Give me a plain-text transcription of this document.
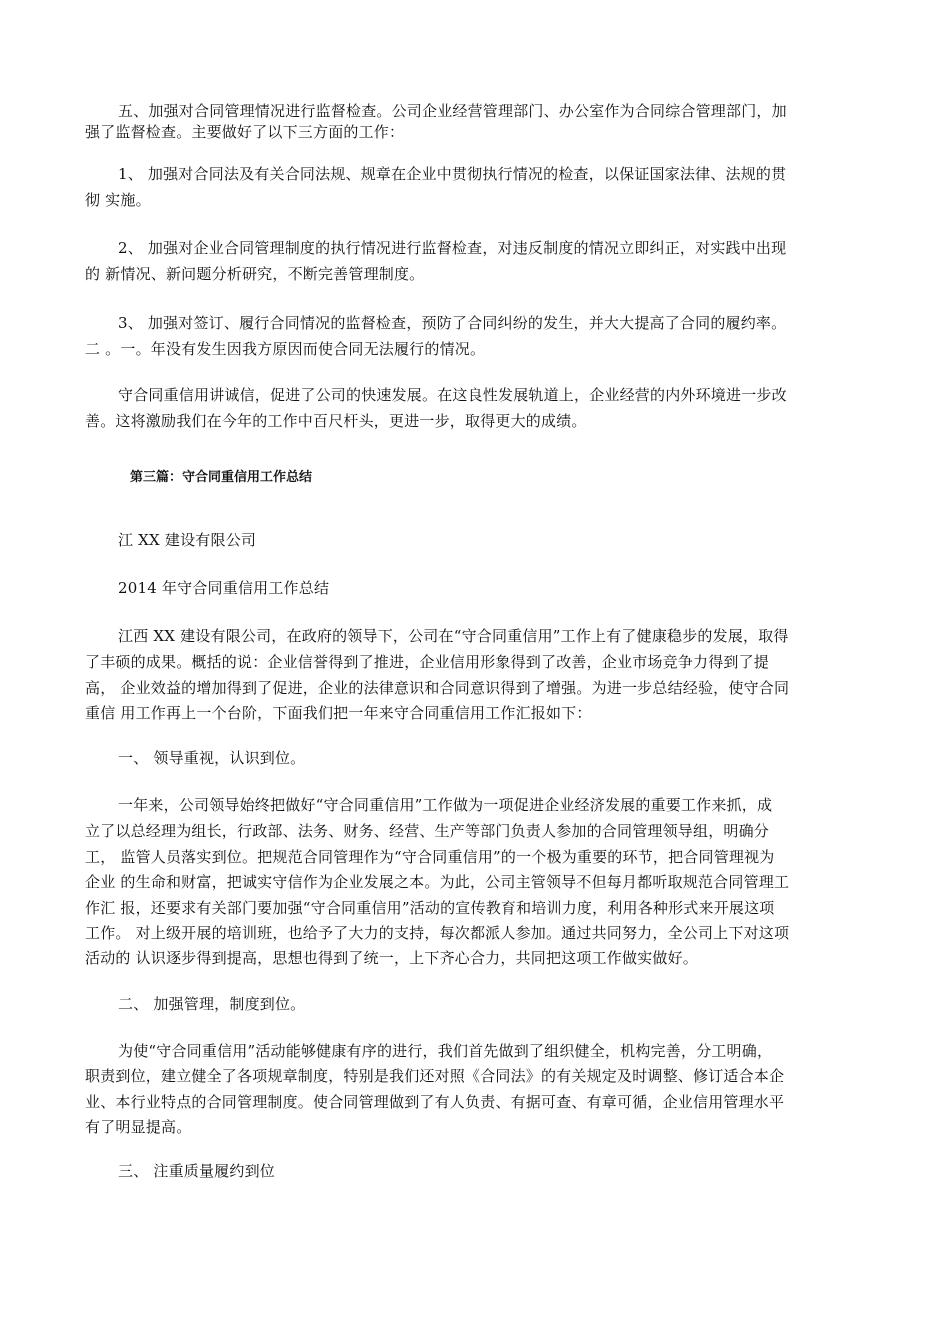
五、加强对合同管理情况进行监督检查。公司企业经营管理部门、办公室作为合同综合管理部门，加
强了监督检查。主要做好了以下三方面的工作：
1、 加强对合同法及有关合同法规、规章在企业中贯彻执行情况的检查，以保证国家法律、法规的贯
彻 实施。
2、 加强对企业合同管理制度的执行情况进行监督检查，对违反制度的情况立即纠正，对实践中出现
的 新情况、新问题分析研究，不断完善管理制度。
3、 加强对签订、履行合同情况的监督检查，预防了合同纠纷的发生，并大大提高了合同的履约率。
二 。一。年没有发生因我方原因而使合同无法履行的情况。
守合同重信用讲诚信，促进了公司的快速发展。在这良性发展轨道上，企业经营的内外环境进一步改
善。这将激励我们在今年的工作中百尺杆头，更进一步，取得更大的成绩。
第三篇：守合同重信用工作总结
江 XX 建设有限公司
2014 年守合同重信用工作总结
江西 XX 建设有限公司，在政府的领导下，公司在“守合同重信用”工作上有了健康稳步的发展，取得
了丰硕的成果。概括的说：企业信誉得到了推进，企业信用形象得到了改善，企业市场竞争力得到了提
高， 企业效益的增加得到了促进，企业的法律意识和合同意识得到了增强。为进一步总结经验，使守合同
重信 用工作再上一个台阶，下面我们把一年来守合同重信用工作汇报如下：
一、 领导重视，认识到位。
一年来，公司领导始终把做好“守合同重信用”工作做为一项促进企业经济发展的重要工作来抓，成
立了以总经理为组长，行政部、法务、财务、经营、生产等部门负责人参加的合同管理领导组，明确分
工， 监管人员落实到位。把规范合同管理作为“守合同重信用”的一个极为重要的环节，把合同管理视为
企业 的生命和财富，把诚实守信作为企业发展之本。为此，公司主管领导不但每月都听取规范合同管理工
作汇 报，还要求有关部门要加强“守合同重信用”活动的宣传教育和培训力度，利用各种形式来开展这项
工作。 对上级开展的培训班，也给予了大力的支持，每次都派人参加。通过共同努力，全公司上下对这项
活动的 认识逐步得到提高，思想也得到了统一，上下齐心合力，共同把这项工作做实做好。
二、 加强管理，制度到位。
为使“守合同重信用”活动能够健康有序的进行，我们首先做到了组织健全，机构完善，分工明确，
职责到位，建立健全了各项规章制度，特别是我们还对照《合同法》的有关规定及时调整、修订适合本企
业、本行业特点的合同管理制度。使合同管理做到了有人负责、有据可查、有章可循，企业信用管理水平
有了明显提高。
三、 注重质量履约到位
